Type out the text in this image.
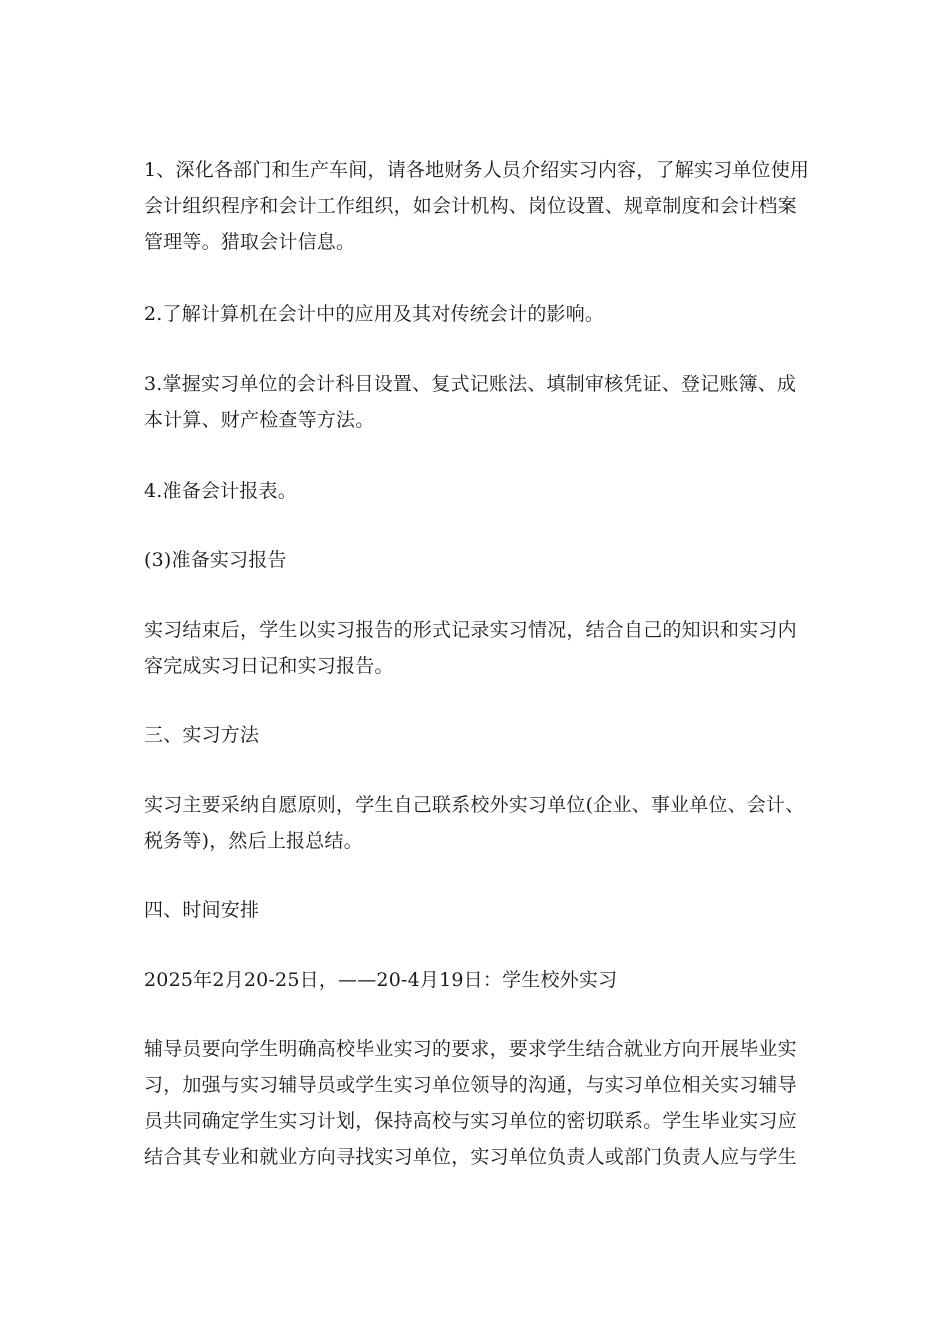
1、深化各部门和生产车间，请各地财务人员介绍实习内容，了解实习单位使用
会计组织程序和会计工作组织，如会计机构、岗位设置、规章制度和会计档案
管理等。猎取会计信息。

2.了解计算机在会计中的应用及其对传统会计的影响。

3.掌握实习单位的会计科目设置、复式记账法、填制审核凭证、登记账簿、成
本计算、财产检查等方法。

4.准备会计报表。

(3)准备实习报告

实习结束后，学生以实习报告的形式记录实习情况，结合自己的知识和实习内
容完成实习日记和实习报告。

三、实习方法

实习主要采纳自愿原则，学生自己联系校外实习单位(企业、事业单位、会计、
税务等)，然后上报总结。

四、时间安排

2025年2月20-25日，——20-4月19日：学生校外实习

辅导员要向学生明确高校毕业实习的要求，要求学生结合就业方向开展毕业实
习，加强与实习辅导员或学生实习单位领导的沟通，与实习单位相关实习辅导
员共同确定学生实习计划，保持高校与实习单位的密切联系。学生毕业实习应
结合其专业和就业方向寻找实习单位，实习单位负责人或部门负责人应与学生
